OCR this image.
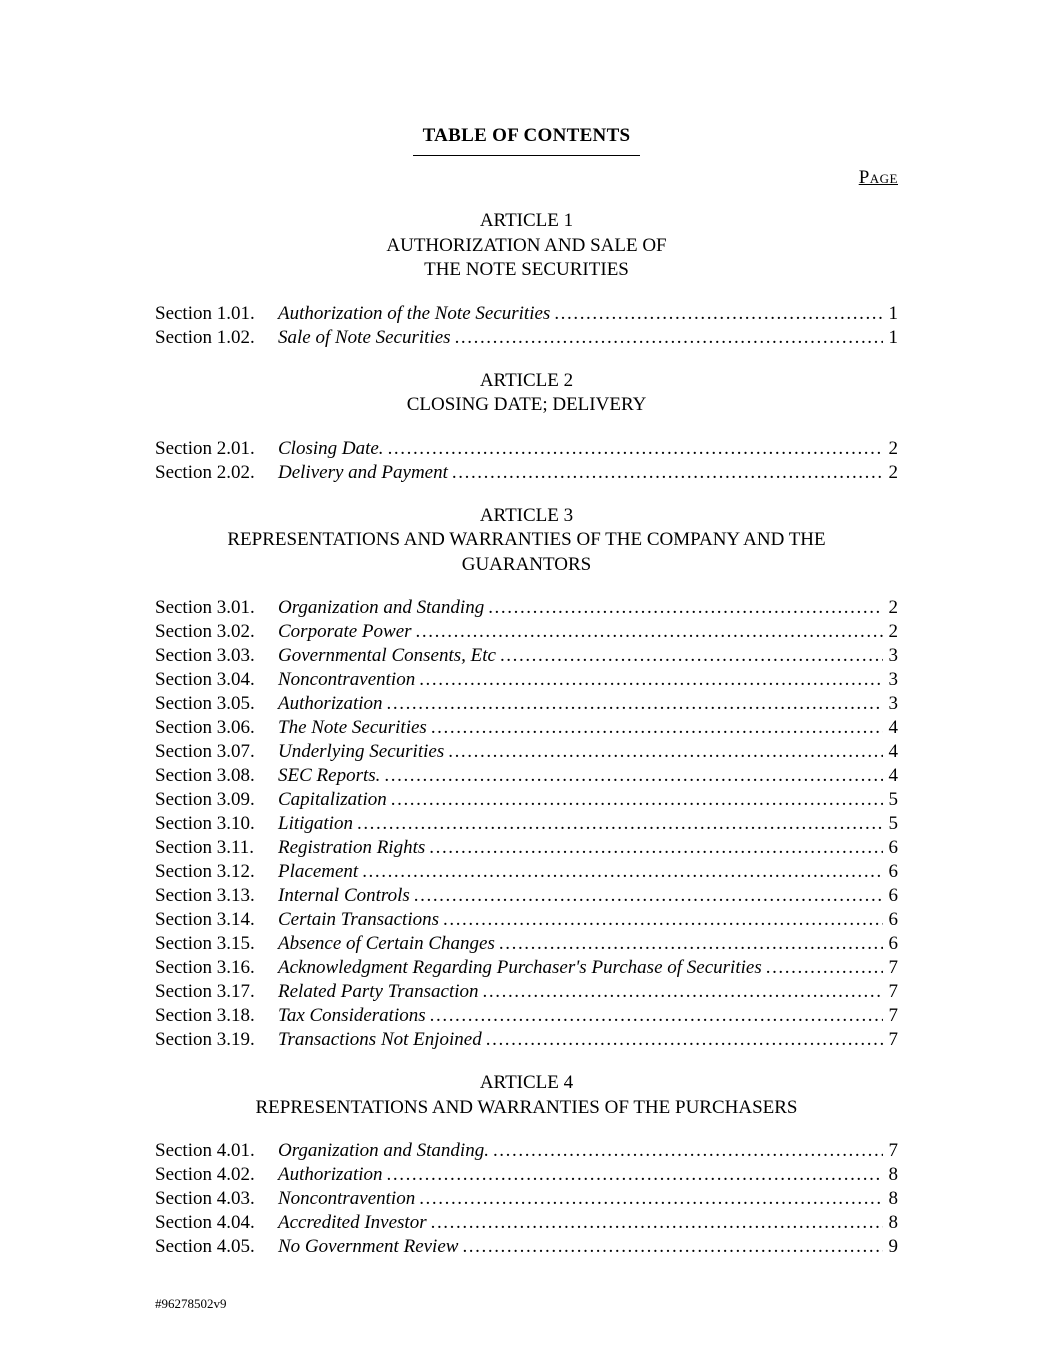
TABLE OF CONTENTS
Page
ARTICLE 1
AUTHORIZATION AND SALE OF
THE NOTE SECURITIES
Section 1.01.	Authorization of the Note Securities .....	1
Section 1.02.	Sale of Note Securities .....	1
ARTICLE 2
CLOSING DATE; DELIVERY
Section 2.01.	Closing Date. .....	2
Section 2.02.	Delivery and Payment .....	2
ARTICLE 3
REPRESENTATIONS AND WARRANTIES OF THE COMPANY AND THE
GUARANTORS
Section 3.01.	Organization and Standing .....	2
Section 3.02.	Corporate Power .....	2
Section 3.03.	Governmental Consents, Etc .....	3
Section 3.04.	Noncontravention .....	3
Section 3.05.	Authorization .....	3
Section 3.06.	The Note Securities .....	4
Section 3.07.	Underlying Securities .....	4
Section 3.08.	SEC Reports. .....	4
Section 3.09.	Capitalization .....	5
Section 3.10.	Litigation .....	5
Section 3.11.	Registration Rights .....	6
Section 3.12.	Placement .....	6
Section 3.13.	Internal Controls .....	6
Section 3.14.	Certain Transactions .....	6
Section 3.15.	Absence of Certain Changes .....	6
Section 3.16.	Acknowledgment Regarding Purchaser's Purchase of Securities .....	7
Section 3.17.	Related Party Transaction .....	7
Section 3.18.	Tax Considerations .....	7
Section 3.19.	Transactions Not Enjoined .....	7
ARTICLE 4
REPRESENTATIONS AND WARRANTIES OF THE PURCHASERS
Section 4.01.	Organization and Standing. .....	7
Section 4.02.	Authorization .....	8
Section 4.03.	Noncontravention .....	8
Section 4.04.	Accredited Investor .....	8
Section 4.05.	No Government Review .....	9
#96278502v9
